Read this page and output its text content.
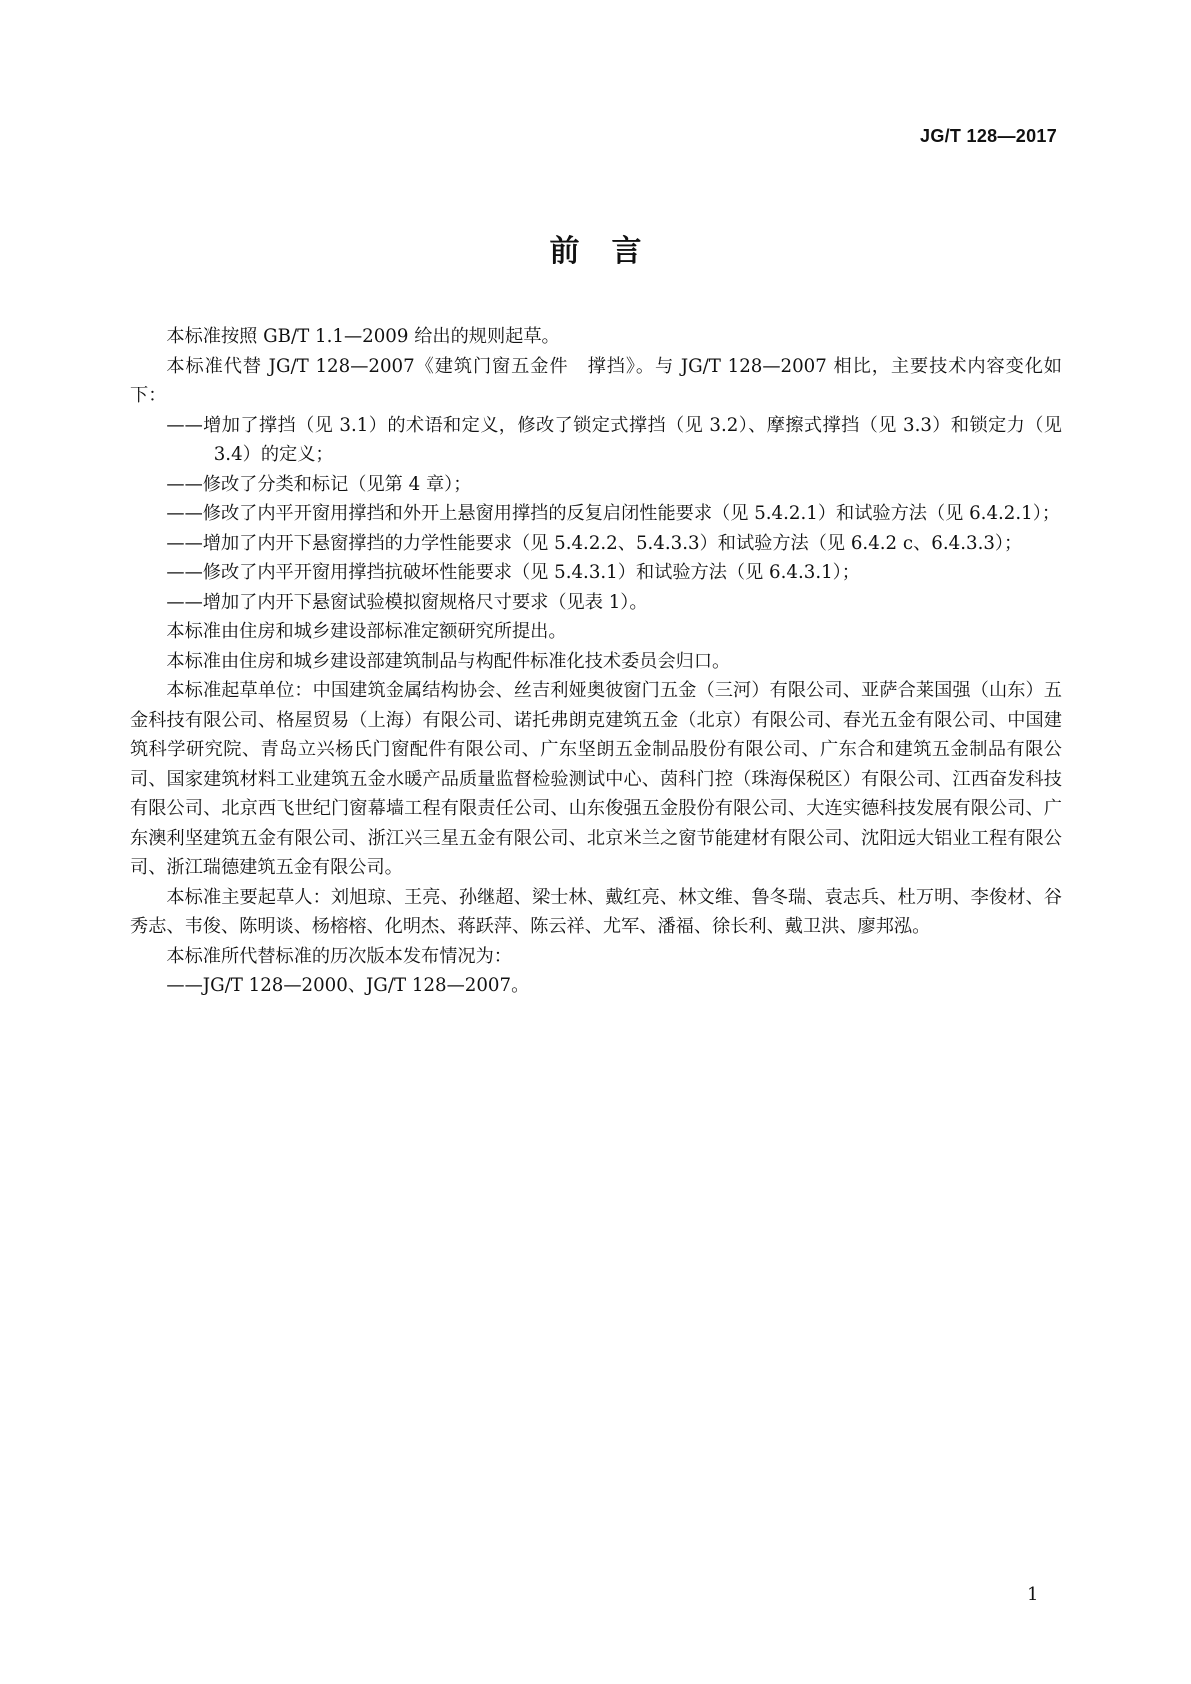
JG/T 128—2017
前言

本标准按照 GB/T 1.1—2009 给出的规则起草。

本标准代替 JG/T 128—2007《建筑门窗五金件　撑挡》。与 JG/T 128—2007 相比，主要技术内容变化如下：

——增加了撑挡（见 3.1）的术语和定义，修改了锁定式撑挡（见 3.2）、摩擦式撑挡（见 3.3）和锁定力（见 3.4）的定义；

——修改了分类和标记（见第 4 章）；

——修改了内平开窗用撑挡和外开上悬窗用撑挡的反复启闭性能要求（见 5.4.2.1）和试验方法（见 6.4.2.1）；

——增加了内开下悬窗撑挡的力学性能要求（见 5.4.2.2、5.4.3.3）和试验方法（见 6.4.2 c、6.4.3.3）；

——修改了内平开窗用撑挡抗破坏性能要求（见 5.4.3.1）和试验方法（见 6.4.3.1）；

——增加了内开下悬窗试验模拟窗规格尺寸要求（见表 1）。

本标准由住房和城乡建设部标准定额研究所提出。

本标准由住房和城乡建设部建筑制品与构配件标准化技术委员会归口。

本标准起草单位：中国建筑金属结构协会、丝吉利娅奥彼窗门五金（三河）有限公司、亚萨合莱国强（山东）五金科技有限公司、格屋贸易（上海）有限公司、诺托弗朗克建筑五金（北京）有限公司、春光五金有限公司、中国建筑科学研究院、青岛立兴杨氏门窗配件有限公司、广东坚朗五金制品股份有限公司、广东合和建筑五金制品有限公司、国家建筑材料工业建筑五金水暖产品质量监督检验测试中心、茵科门控（珠海保税区）有限公司、江西奋发科技有限公司、北京西飞世纪门窗幕墙工程有限责任公司、山东俊强五金股份有限公司、大连实德科技发展有限公司、广东澳利坚建筑五金有限公司、浙江兴三星五金有限公司、北京米兰之窗节能建材有限公司、沈阳远大铝业工程有限公司、浙江瑞德建筑五金有限公司。

本标准主要起草人：刘旭琼、王亮、孙继超、梁士林、戴红亮、林文维、鲁冬瑞、袁志兵、杜万明、李俊材、谷秀志、韦俊、陈明谈、杨榕榕、化明杰、蒋跃萍、陈云祥、尤军、潘福、徐长利、戴卫洪、廖邦泓。

本标准所代替标准的历次版本发布情况为：

——JG/T 128—2000、JG/T 128—2007。

1
